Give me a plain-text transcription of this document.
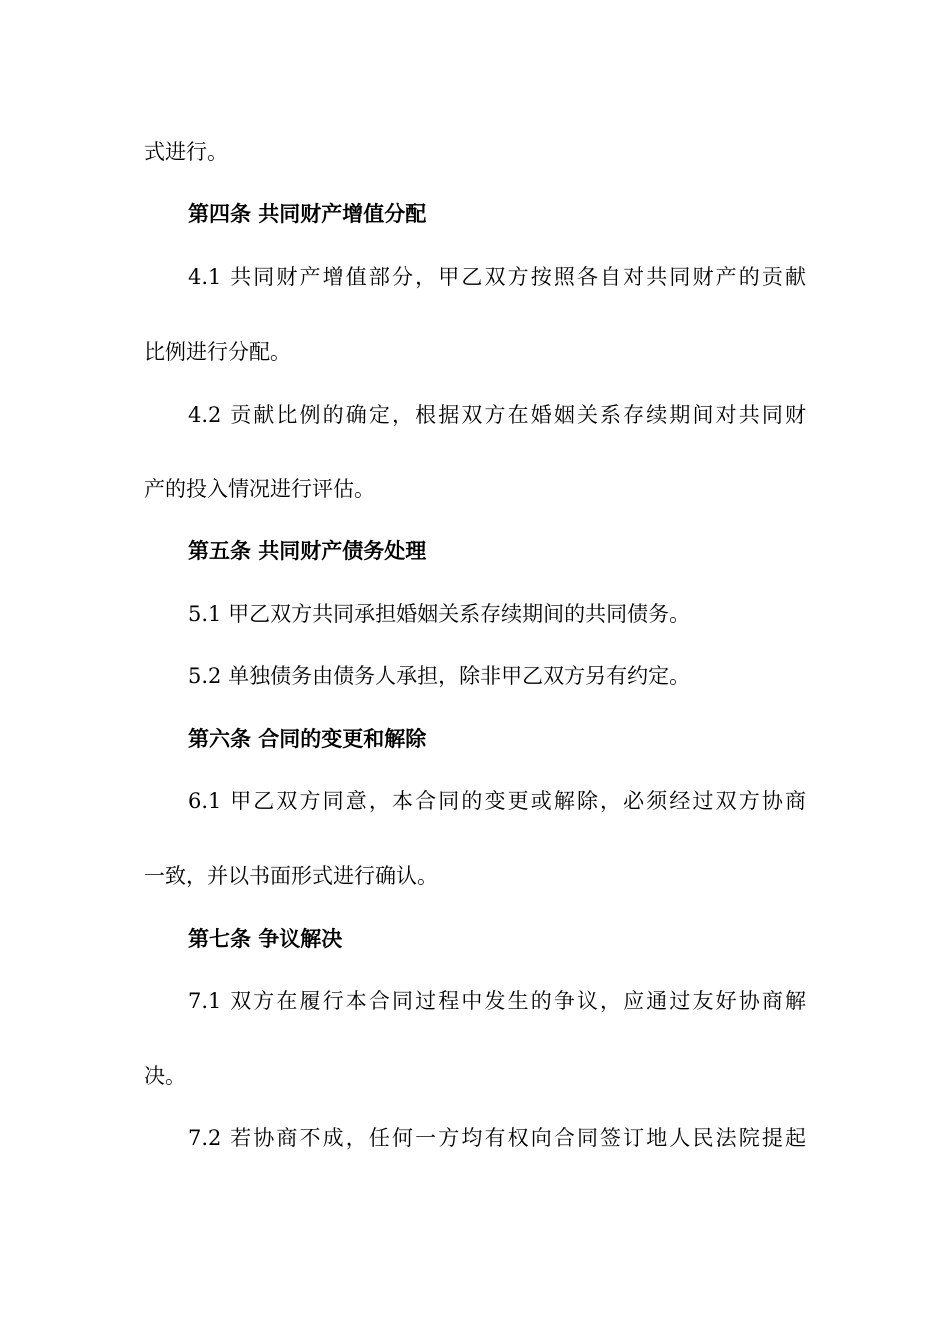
式进行。
第四条 共同财产增值分配
4.1 共同财产增值部分，甲乙双方按照各自对共同财产的贡献
比例进行分配。
4.2 贡献比例的确定，根据双方在婚姻关系存续期间对共同财
产的投入情况进行评估。
第五条 共同财产债务处理
5.1 甲乙双方共同承担婚姻关系存续期间的共同债务。
5.2 单独债务由债务人承担，除非甲乙双方另有约定。
第六条 合同的变更和解除
6.1 甲乙双方同意，本合同的变更或解除，必须经过双方协商
一致，并以书面形式进行确认。
第七条 争议解决
7.1 双方在履行本合同过程中发生的争议，应通过友好协商解
决。
7.2 若协商不成，任何一方均有权向合同签订地人民法院提起
